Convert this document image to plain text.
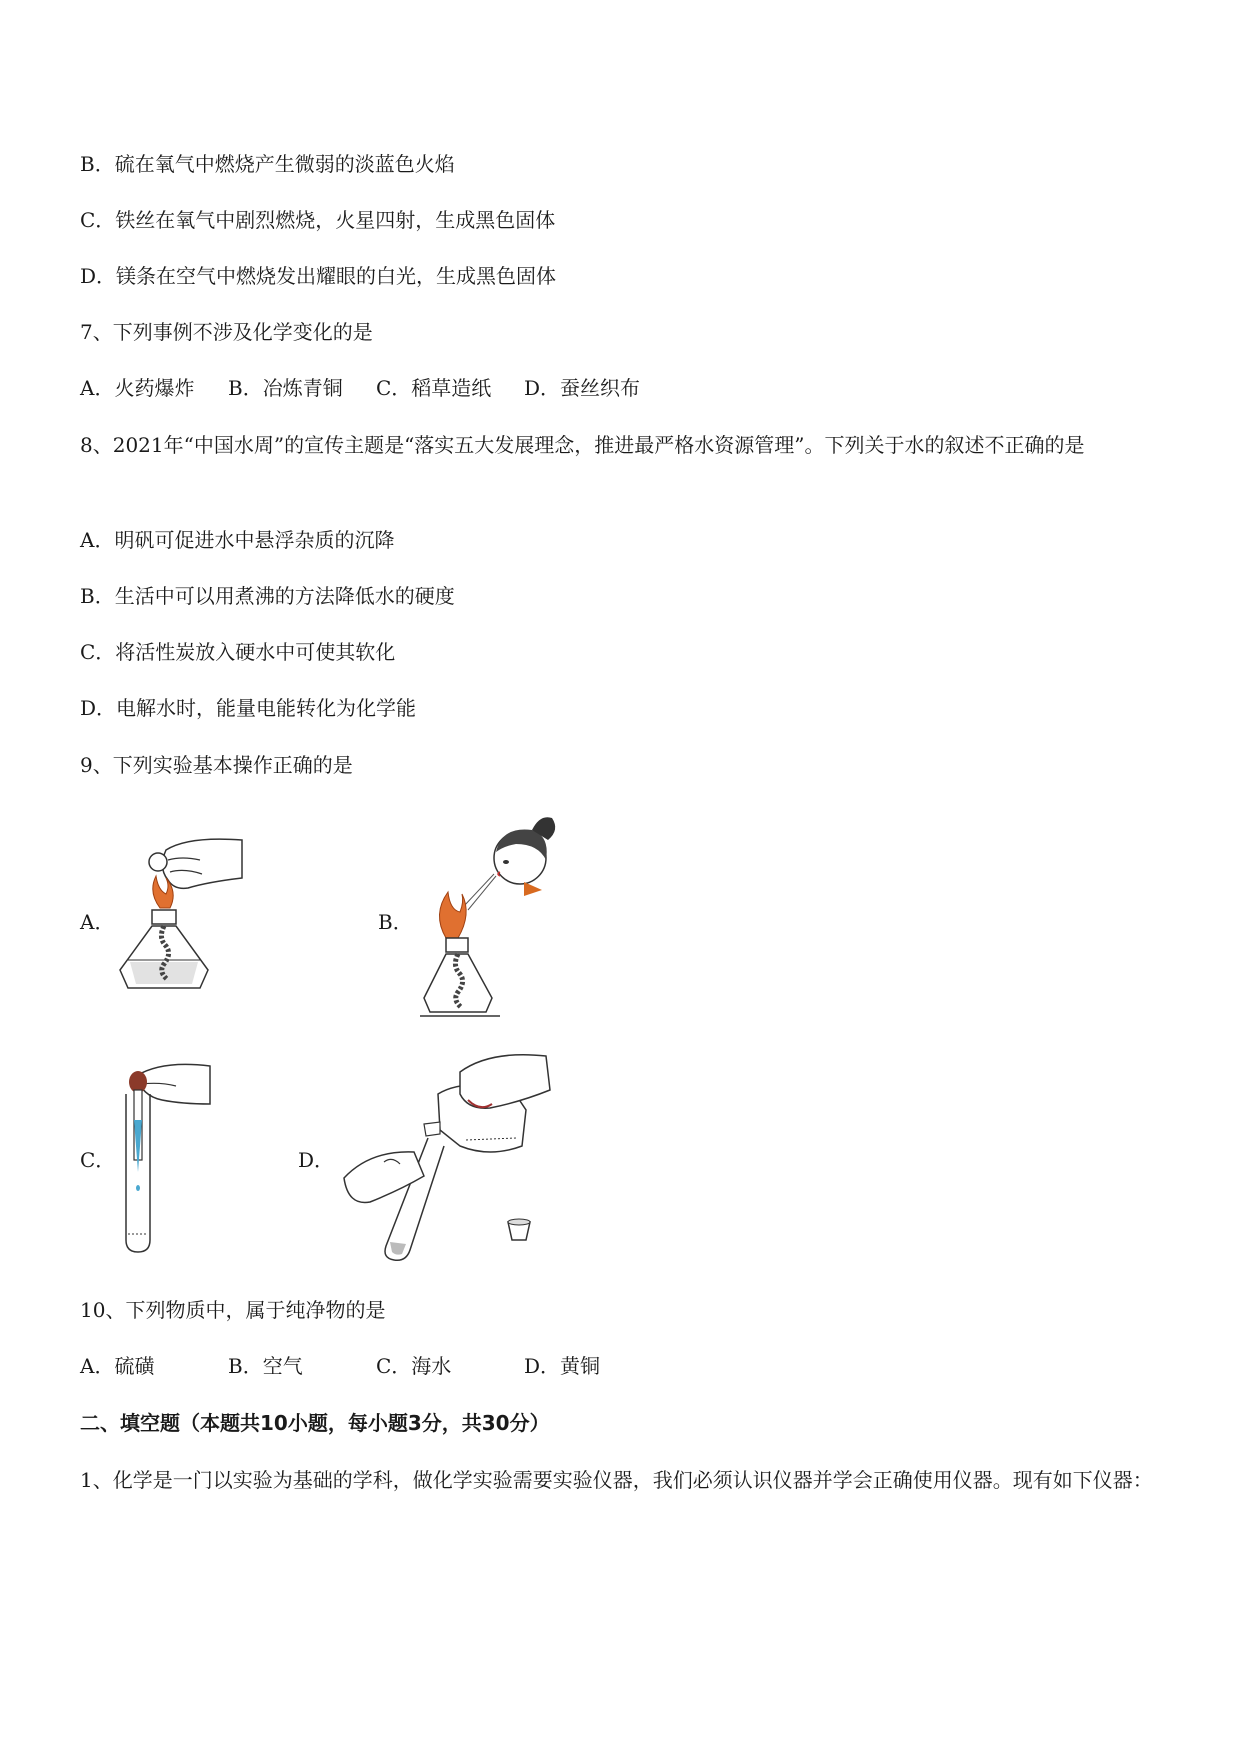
B．硫在氧气中燃烧产生微弱的淡蓝色火焰
C．铁丝在氧气中剧烈燃烧，火星四射，生成黑色固体
D．镁条在空气中燃烧发出耀眼的白光，生成黑色固体
7、下列事例不涉及化学变化的是
A．火药爆炸 B．冶炼青铜 C．稻草造纸 D．蚕丝织布
8、2021年“中国水周”的宣传主题是“落实五大发展理念，推进最严格水资源管理”。下列关于水的叙述不正确的是
A．明矾可促进水中悬浮杂质的沉降
B．生活中可以用煮沸的方法降低水的硬度
C．将活性炭放入硬水中可使其软化
D．电解水时，能量电能转化为化学能
9、下列实验基本操作正确的是
A．	B．
C．	D．
10、下列物质中，属于纯净物的是
A．硫磺	B．空气	C．海水	D．黄铜
二、填空题（本题共10小题，每小题3分，共30分）
1、化学是一门以实验为基础的学科，做化学实验需要实验仪器，我们必须认识仪器并学会正确使用仪器。现有如下仪器：
